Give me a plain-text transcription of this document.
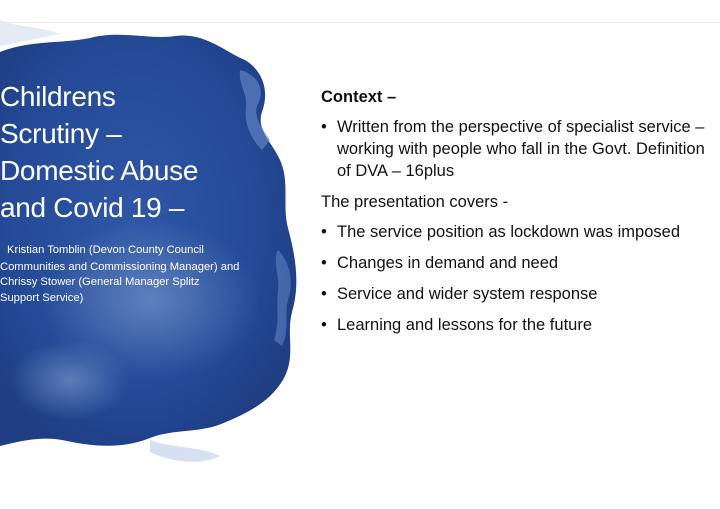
Childrens
Scrutiny –
Domestic Abuse
and Covid 19 –

Kristian Tomblin (Devon County Council
Communities and Commissioning Manager) and Chrissy Stower (General Manager Splitz Support Service)

Context –

• Written from the perspective of specialist service – working with people who fall in the Govt. Definition of DVA – 16plus

The presentation covers -

• The service position as lockdown was imposed
• Changes in demand and need
• Service and wider system response
• Learning and lessons for the future
